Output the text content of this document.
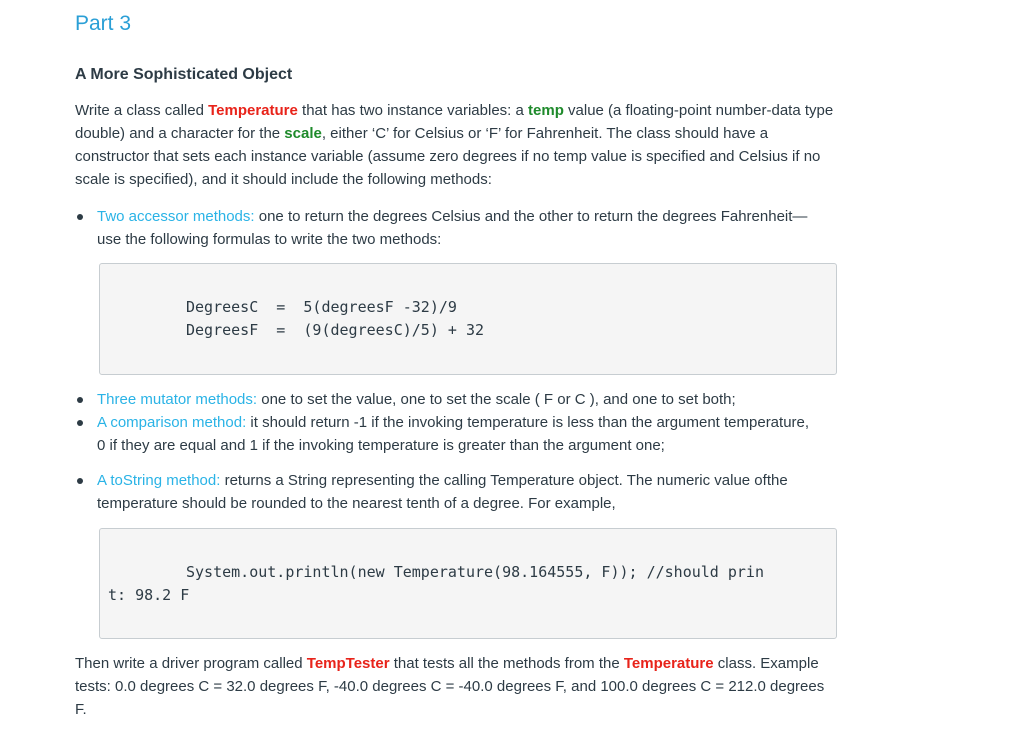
Part 3
A More Sophisticated Object

Write a class called Temperature that has two instance variables: a temp value (a floating-point number-data type double) and a character for the scale, either ‘C’ for Celsius or ‘F’ for Fahrenheit. The class should have a constructor that sets each instance variable (assume zero degrees if no temp value is specified and Celsius if no scale is specified), and it should include the following methods:

Two accessor methods: one to return the degrees Celsius and the other to return the degrees Fahrenheit—use the following formulas to write the two methods:
DegreesC  =  5(degreesF -32)/9
DegreesF  =  (9(degreesC)/5) + 32
Three mutator methods: one to set the value, one to set the scale ( F or C ), and one to set both;
A comparison method: it should return -1 if the invoking temperature is less than the argument temperature, 0 if they are equal and 1 if the invoking temperature is greater than the argument one;
A toString method: returns a String representing the calling Temperature object. The numeric value ofthe temperature should be rounded to the nearest tenth of a degree. For example,
System.out.println(new Temperature(98.164555, F)); //should prin
t: 98.2 F

Then write a driver program called TempTester that tests all the methods from the Temperature class. Example tests: 0.0 degrees C = 32.0 degrees F, -40.0 degrees C = -40.0 degrees F, and 100.0 degrees C = 212.0 degrees F.
